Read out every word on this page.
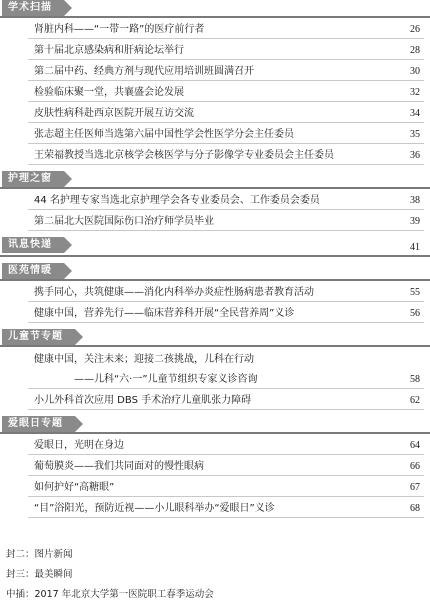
学术扫描
肾脏内科——“一带一路”的医疗前行者	26
第十届北京感染病和肝病论坛举行	28
第二届中药、经典方剂与现代应用培训班圆满召开	30
检验临床聚一堂，共襄盛会论发展	32
皮肤性病科赴西京医院开展互访交流	34
张志超主任医师当选第六届中国性学会性医学分会主任委员	35
王荣福教授当选北京核学会核医学与分子影像学专业委员会主任委员	36
护理之窗
44 名护理专家当选北京护理学会各专业委员会、工作委员会委员	38
第二届北大医院国际伤口治疗师学员毕业	39
讯息快递	41
医苑情暖
携手同心，共筑健康——消化内科举办炎症性肠病患者教育活动	55
健康中国，营养先行——临床营养科开展“全民营养周”义诊	56
儿童节专题
健康中国，关注未来；迎接二孩挑战，儿科在行动
——儿科“六·一”儿童节组织专家义诊咨询	58
小儿外科首次应用 DBS 手术治疗儿童肌张力障碍	62
爱眼日专题
爱眼日，光明在身边	64
葡萄膜炎——我们共同面对的慢性眼病	66
如何护好“高糖眼”	67
“目”浴阳光，预防近视——小儿眼科举办“爱眼日”义诊	68
封二：图片新闻
封三：最美瞬间
中插：2017 年北京大学第一医院职工春季运动会
